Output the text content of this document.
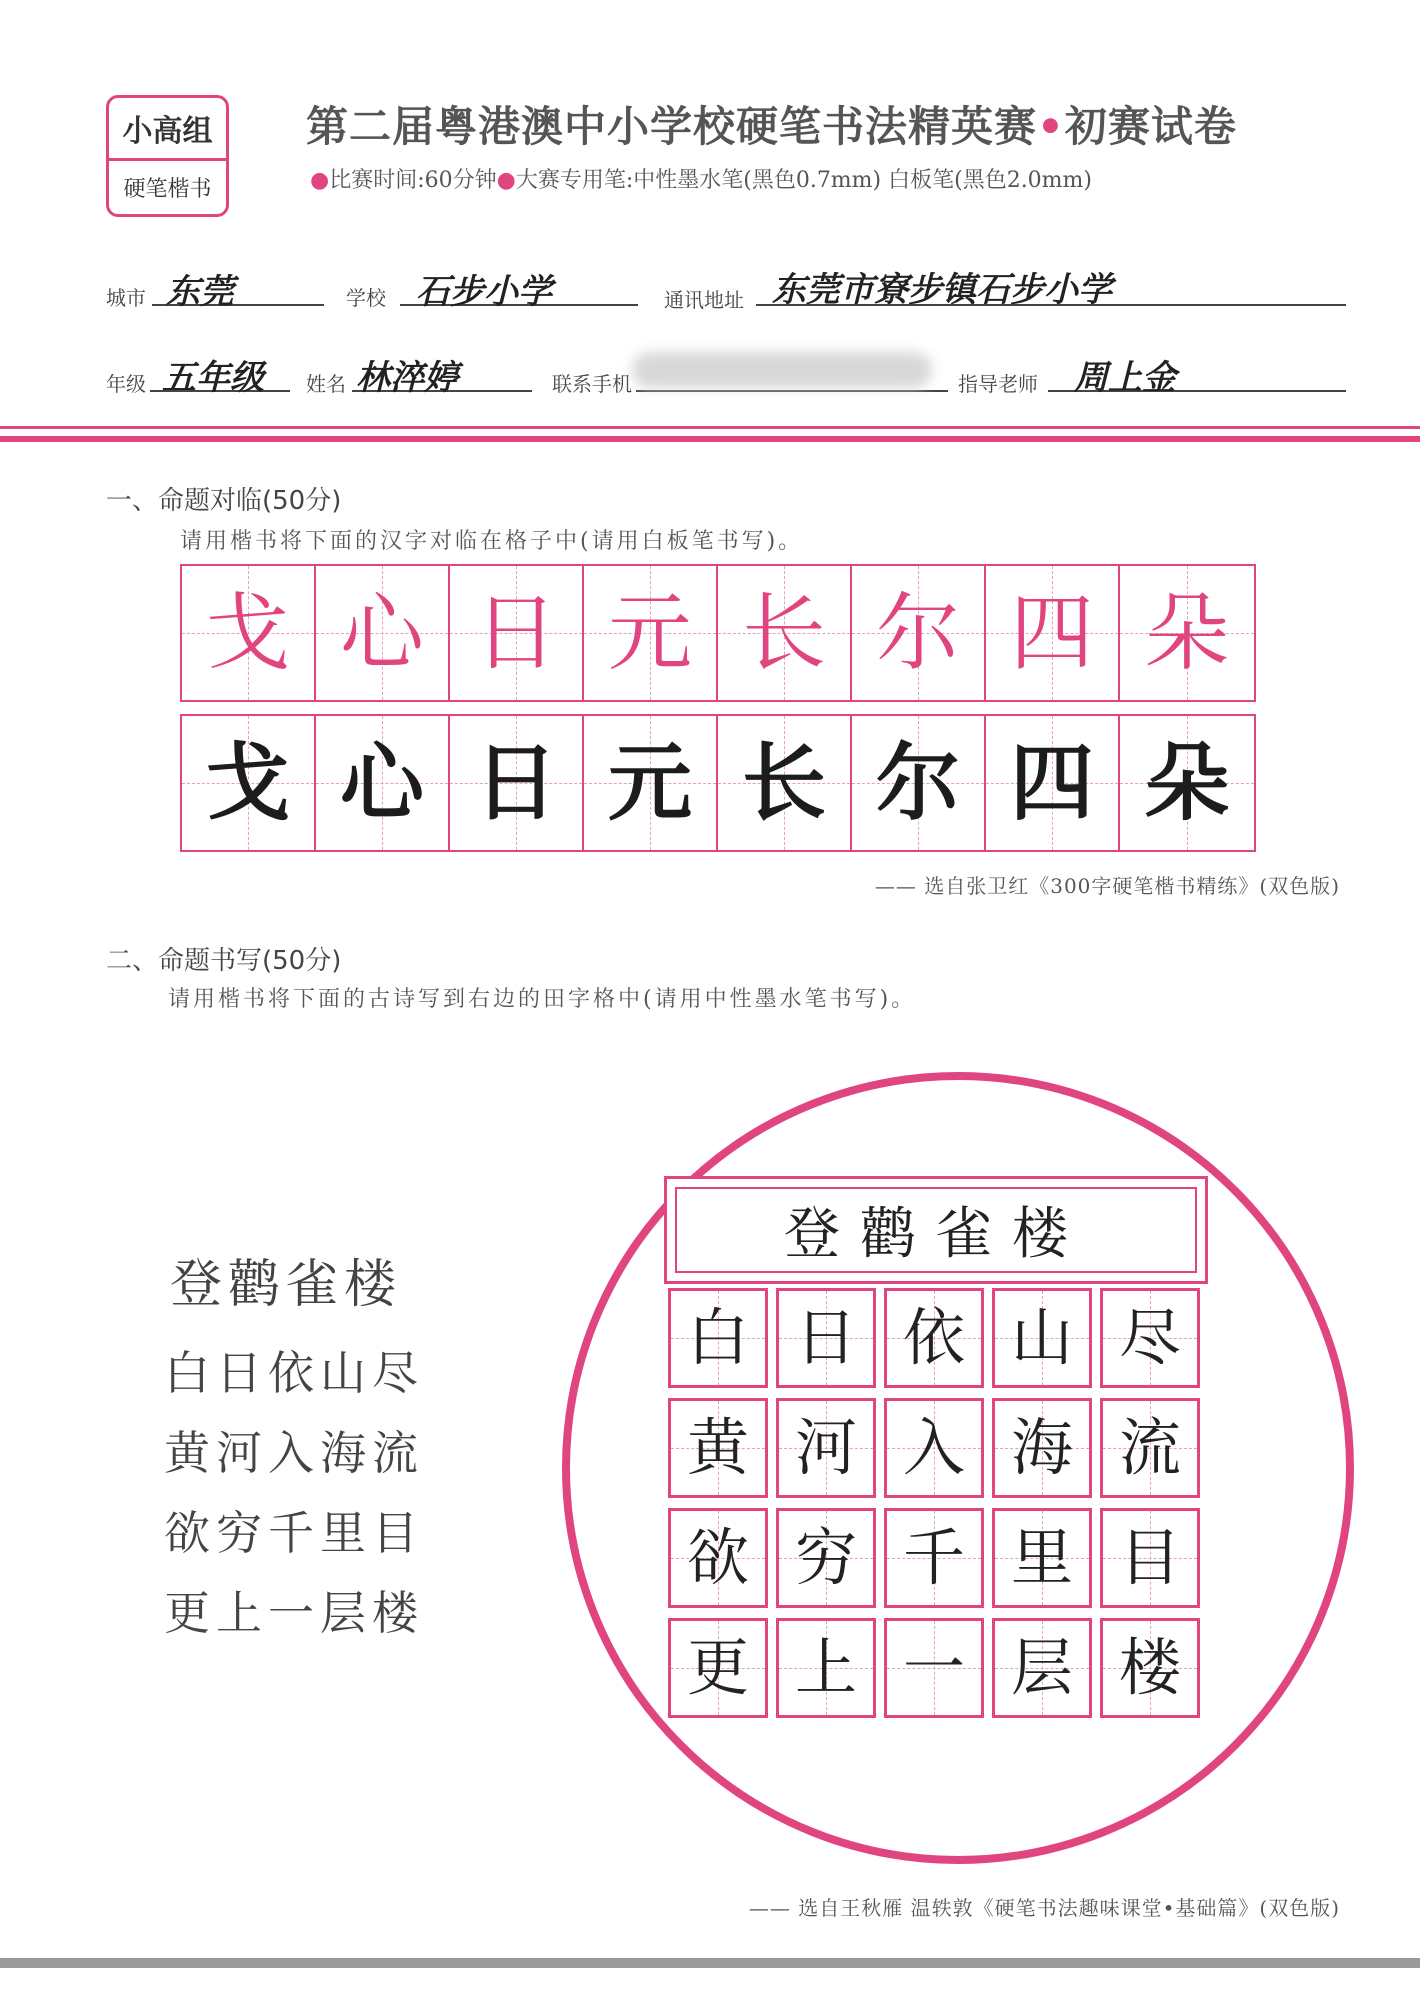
小高组
硬笔楷书
第二届粤港澳中小学校硬笔书法精英赛•初赛试卷
●比赛时间:60分钟●大赛专用笔:中性墨水笔(黑色0.7mm) 白板笔(黑色2.0mm)
城市 东莞	学校 石步小学	通讯地址 东莞市寮步镇石步小学
年级 五年级 姓名 林淬婷	联系手机	指导老师 周上金
一、命题对临(50分)
请用楷书将下面的汉字对临在格子中(请用白板笔书写)。
戈 心 日 元 长 尔 四 朵
戈 心 日 元 长 尔 四 朵
—— 选自张卫红《300字硬笔楷书精练》(双色版)
二、命题书写(50分)
请用楷书将下面的古诗写到右边的田字格中(请用中性墨水笔书写)。
登鹳雀楼
白日依山尽
黄河入海流
欲穷千里目
更上一层楼
登鹳雀楼
白 日 依 山 尽
黄 河 入 海 流
欲 穷 千 里 目
更 上 一 层 楼
—— 选自王秋雁 温轶敦《硬笔书法趣味课堂•基础篇》(双色版)
